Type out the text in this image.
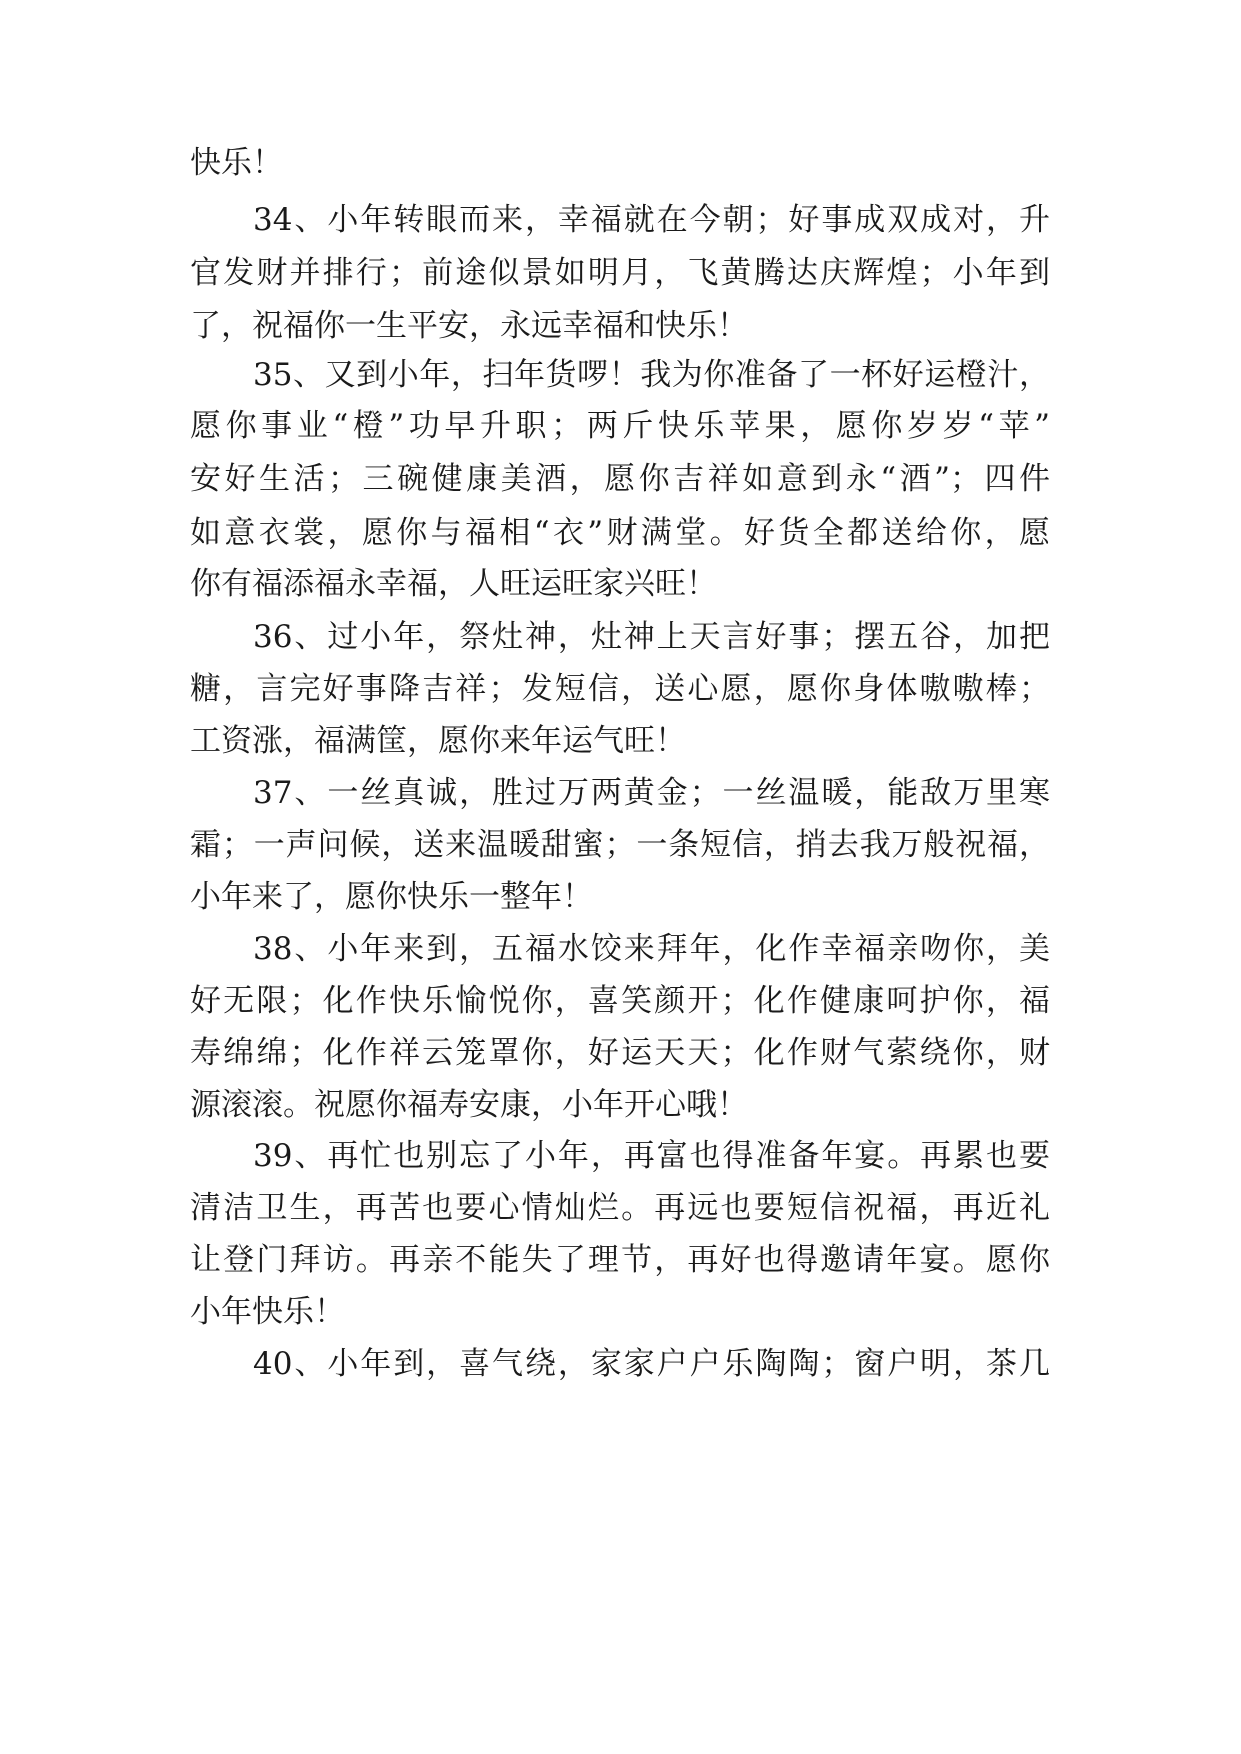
快乐！
34、小年转眼而来，幸福就在今朝；好事成双成对，升
官发财并排行；前途似景如明月，飞黄腾达庆辉煌；小年到
了，祝福你一生平安，永远幸福和快乐！
35、又到小年，扫年货啰！我为你准备了一杯好运橙汁，
愿你事业“橙”功早升职；两斤快乐苹果，愿你岁岁“苹”
安好生活；三碗健康美酒，愿你吉祥如意到永“酒”；四件
如意衣裳，愿你与福相“衣”财满堂。好货全都送给你，愿
你有福添福永幸福，人旺运旺家兴旺！
36、过小年，祭灶神，灶神上天言好事；摆五谷，加把
糖，言完好事降吉祥；发短信，送心愿，愿你身体嗷嗷棒；
工资涨，福满筐，愿你来年运气旺！
37、一丝真诚，胜过万两黄金；一丝温暖，能敌万里寒
霜；一声问候，送来温暖甜蜜；一条短信，捎去我万般祝福，
小年来了，愿你快乐一整年！
38、小年来到，五福水饺来拜年，化作幸福亲吻你，美
好无限；化作快乐愉悦你，喜笑颜开；化作健康呵护你，福
寿绵绵；化作祥云笼罩你，好运天天；化作财气萦绕你，财
源滚滚。祝愿你福寿安康，小年开心哦！
39、再忙也别忘了小年，再富也得准备年宴。再累也要
清洁卫生，再苦也要心情灿烂。再远也要短信祝福，再近礼
让登门拜访。再亲不能失了理节，再好也得邀请年宴。愿你
小年快乐！
40、小年到，喜气绕，家家户户乐陶陶；窗户明，茶几
